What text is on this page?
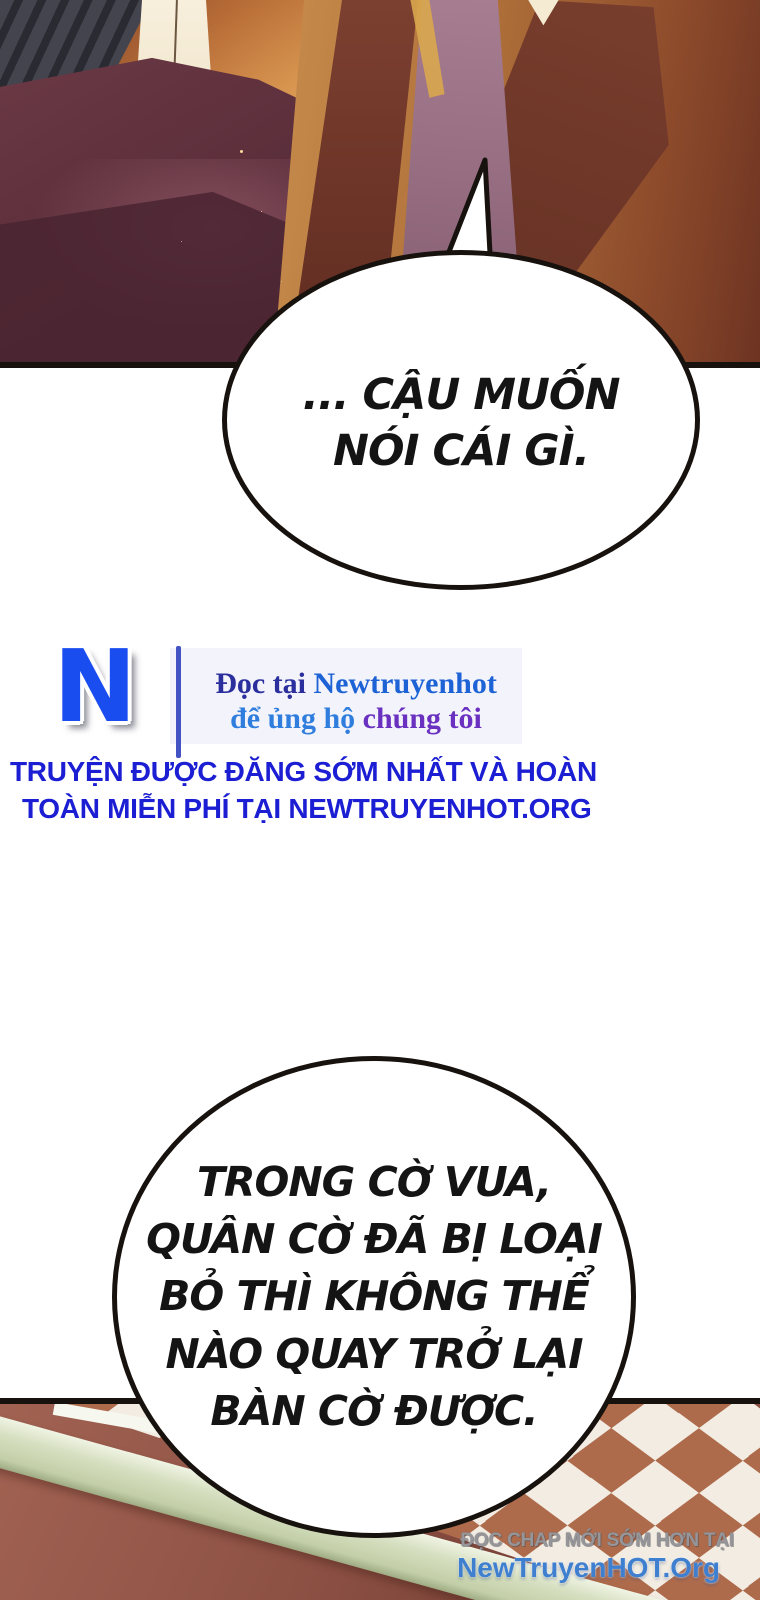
... CẬU MUỐN
NÓI CÁI GÌ.
N	Đọc tại Newtruyenhot
để ủng hộ chúng tôi
TRUYỆN ĐƯỢC ĐĂNG SỚM NHẤT VÀ HOÀN
TOÀN MIỄN PHÍ TẠI NEWTRUYENHOT.ORG
TRONG CỜ VUA,
QUÂN CỜ ĐÃ BỊ LOẠI
BỎ THÌ KHÔNG THỂ
NÀO QUAY TRỞ LẠI
BÀN CỜ ĐƯỢC.
ĐỌC CHAP MỚI SỚM HƠN TẠI
NewTruyenHOT.Org
